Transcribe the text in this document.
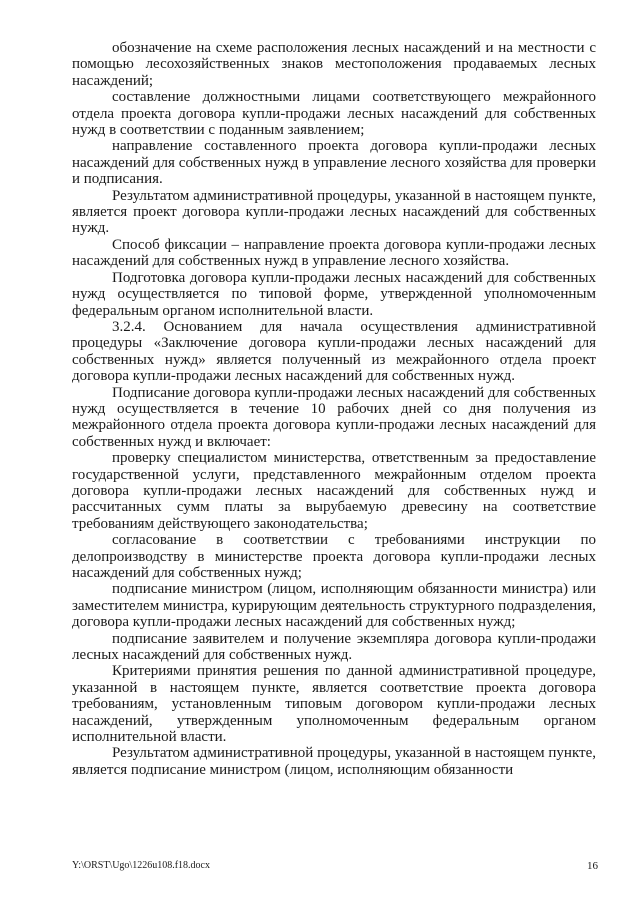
обозначение на схеме расположения лесных насаждений и на местности с помощью лесохозяйственных знаков местоположения продаваемых лесных насаждений;

составление должностными лицами соответствующего межрайонного отдела проекта договора купли-продажи лесных насаждений для собственных нужд в соответствии с поданным заявлением;

направление составленного проекта договора купли-продажи лесных насаждений для собственных нужд в управление лесного хозяйства для проверки и подписания.

Результатом административной процедуры, указанной в настоящем пункте, является проект договора купли-продажи лесных насаждений для собственных нужд.

Способ фиксации – направление проекта договора купли-продажи лесных насаждений для собственных нужд в управление лесного хозяйства.

Подготовка договора купли-продажи лесных насаждений для собственных нужд осуществляется по типовой форме, утвержденной уполномоченным федеральным органом исполнительной власти.

3.2.4. Основанием для начала осуществления административной процедуры «Заключение договора купли-продажи лесных насаждений для собственных нужд» является полученный из межрайонного отдела проект договора купли-продажи лесных насаждений для собственных нужд.

Подписание договора купли-продажи лесных насаждений для собственных нужд осуществляется в течение 10 рабочих дней со дня получения из межрайонного отдела проекта договора купли-продажи лесных насаждений для собственных нужд и включает:

проверку специалистом министерства, ответственным за предоставление государственной услуги, представленного межрайонным отделом проекта договора купли-продажи лесных насаждений для собственных нужд и рассчитанных сумм платы за вырубаемую древесину на соответствие требованиям действующего законодательства;

согласование в соответствии с требованиями инструкции по делопроизводству в министерстве проекта договора купли-продажи лесных насаждений для собственных нужд;

подписание министром (лицом, исполняющим обязанности министра) или заместителем министра, курирующим деятельность структурного подразделения, договора купли-продажи лесных насаждений для собственных нужд;

подписание заявителем и получение экземпляра договора купли-продажи лесных насаждений для собственных нужд.

Критериями принятия решения по данной административной процедуре, указанной в настоящем пункте, является соответствие проекта договора требованиям, установленным типовым договором купли-продажи лесных насаждений, утвержденным уполномоченным федеральным органом исполнительной власти.

Результатом административной процедуры, указанной в настоящем пункте, является подписание министром (лицом, исполняющим обязанности

Y:\ORST\Ugo\1226u108.f18.docx	16
